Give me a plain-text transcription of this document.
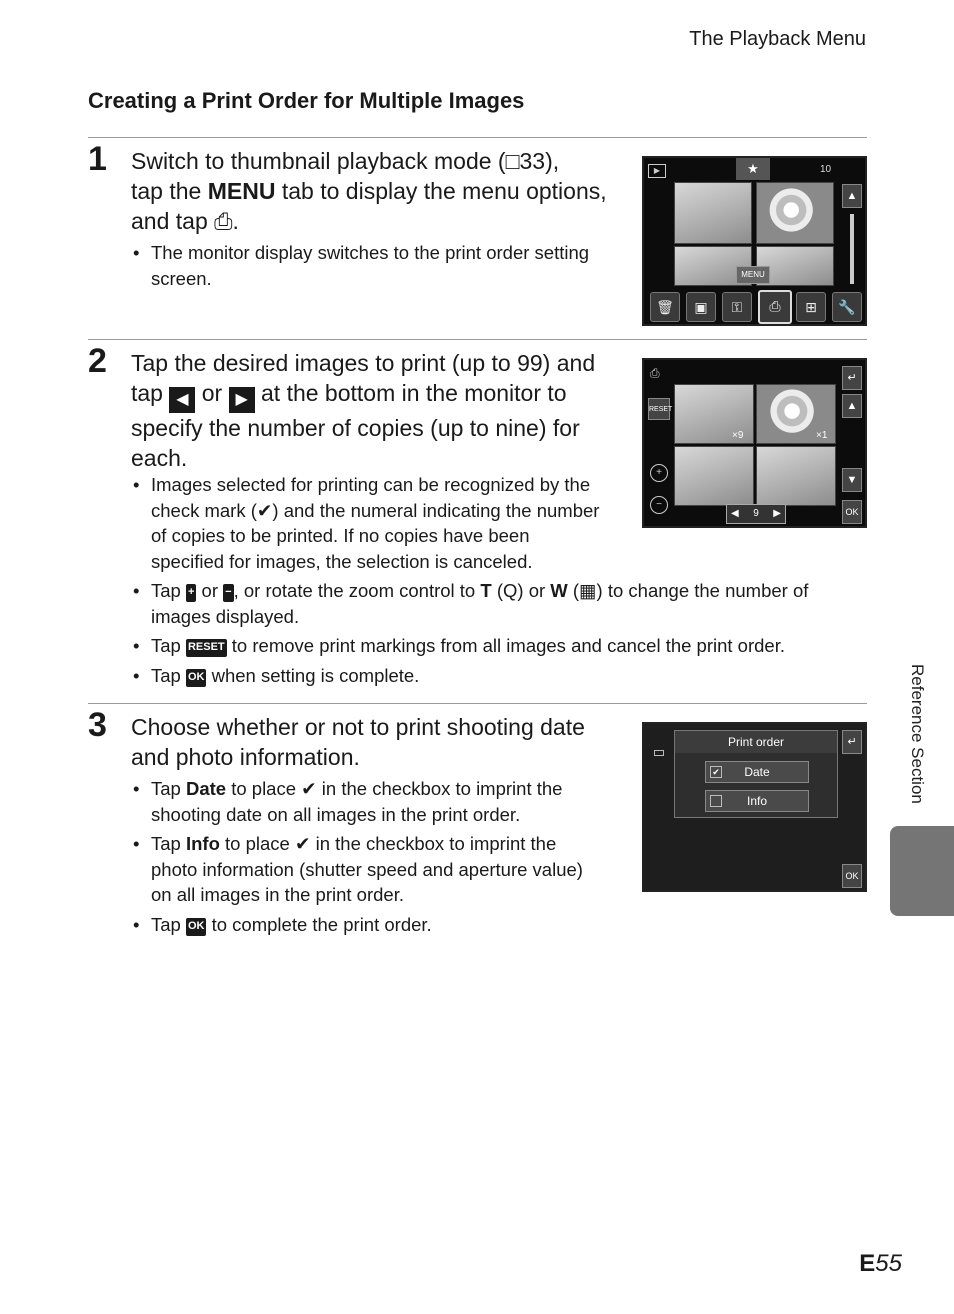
The Playback Menu
Creating a Print Order for Multiple Images
1 Switch to thumbnail playback mode (□33),
tap the MENU tab to display the menu options,
and tap ⎙.
• The monitor display switches to the print order setting screen.
▶	★	10
MENU
▲
🗑	▣	⚿	⎙	⊞	🔧
2 Tap the desired images to print (up to 99) and tap ◀ or ▶ at the bottom in the monitor to specify the number of copies (up to nine) for each.
• Images selected for printing can be recognized by the check mark (✔) and the numeral indicating the number of copies to be printed. If no copies have been specified for images, the selection is canceled.
• Tap + or − , or rotate the zoom control to T (Q) or W (▦) to change the number of images displayed.
• Tap RESET to remove print markings from all images and cancel the print order.
• Tap OK when setting is complete.
⎙
RESET
×9	×1
+
−
◀ 9 ▶
↵
▲
▼
OK
3 Choose whether or not to print shooting date and photo information.
• Tap Date to place ✔ in the checkbox to imprint the shooting date on all images in the print order.
• Tap Info to place ✔ in the checkbox to imprint the photo information (shutter speed and aperture value) on all images in the print order.
• Tap OK to complete the print order.
Print order
✔ Date
Info
↵
OK
Reference Section
E55
